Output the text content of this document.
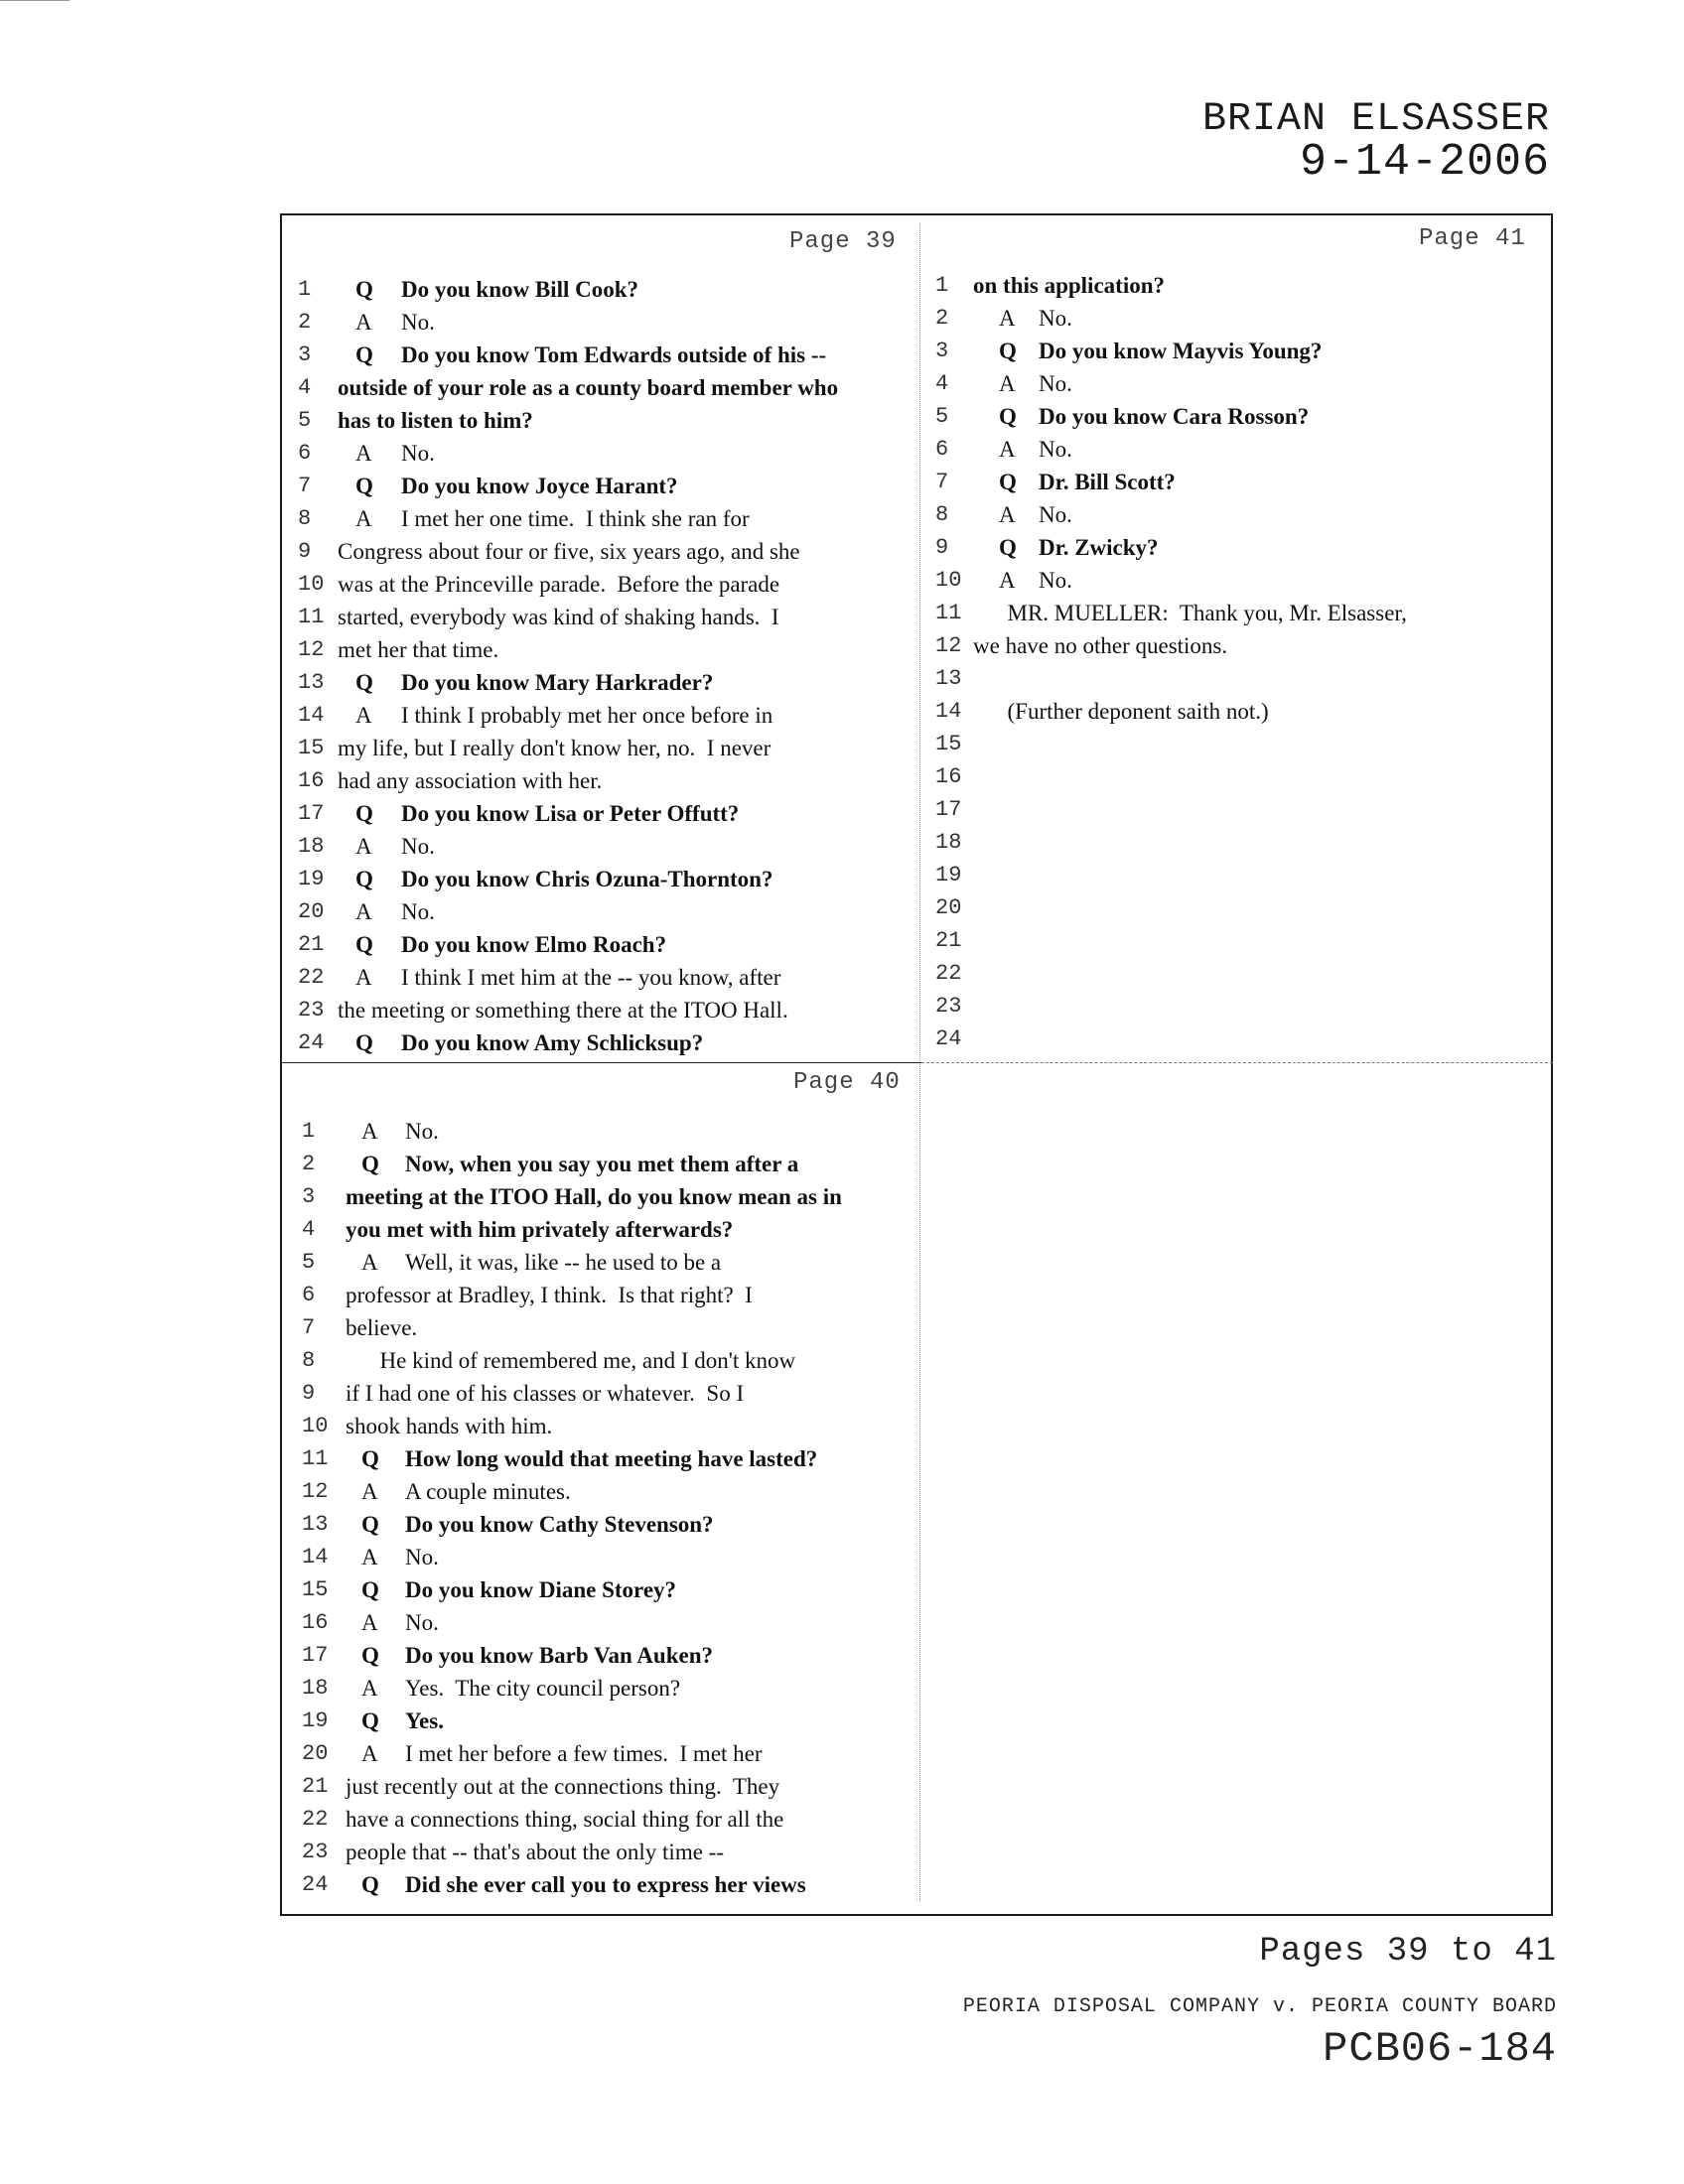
BRIAN ELSASSER
9-14-2006
Page 39	Page 41
Page 40
1	Q Do you know Bill Cook?
2	A No.
3	Q Do you know Tom Edwards outside of his --
4	outside of your role as a county board member who
5	has to listen to him?
6	A No.
7	Q Do you know Joyce Harant?
8	A I met her one time.  I think she ran for
9	Congress about four or five, six years ago, and she
10 was at the Princeville parade.  Before the parade
11 started, everybody was kind of shaking hands.  I
12 met her that time.
13	Q Do you know Mary Harkrader?
14	A I think I probably met her once before in
15 my life, but I really don't know her, no.  I never
16 had any association with her.
17	Q Do you know Lisa or Peter Offutt?
18	A No.
19	Q Do you know Chris Ozuna-Thornton?
20	A No.
21	Q Do you know Elmo Roach?
22	A I think I met him at the -- you know, after
23 the meeting or something there at the ITOO Hall.
24	Q Do you know Amy Schlicksup?
1	on this application?
2	A No.
3	Q Do you know Mayvis Young?
4	A No.
5	Q Do you know Cara Rosson?
6	A No.
7	Q Dr. Bill Scott?
8	A No.
9	Q Dr. Zwicky?
10	A No.
11 MR. MUELLER:  Thank you, Mr. Elsasser,
12 we have no other questions.
13
14 (Further deponent saith not.)
15
16
17
18
19
20
21
22
23
24
1	A No.
2	Q Now, when you say you met them after a
3	meeting at the ITOO Hall, do you know mean as in
4	you met with him privately afterwards?
5	A Well, it was, like -- he used to be a
6	professor at Bradley, I think.  Is that right?  I
7	believe.
8	He kind of remembered me, and I don't know
9	if I had one of his classes or whatever.  So I
10 shook hands with him.
11	Q How long would that meeting have lasted?
12	A A couple minutes.
13	Q Do you know Cathy Stevenson?
14	A No.
15	Q Do you know Diane Storey?
16	A No.
17	Q Do you know Barb Van Auken?
18	A Yes.  The city council person?
19	Q Yes.
20	A I met her before a few times.  I met her
21 just recently out at the connections thing.  They
22 have a connections thing, social thing for all the
23 people that -- that's about the only time --
24	Q Did she ever call you to express her views
Pages 39 to 41
PEORIA DISPOSAL COMPANY v. PEORIA COUNTY BOARD
PCB06-184
